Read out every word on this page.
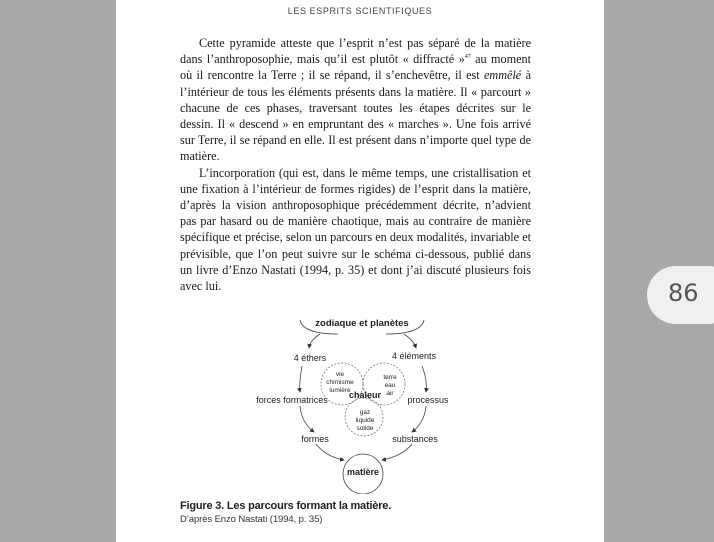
LES ESPRITS SCIENTIFIQUES

Cette pyramide atteste que l’esprit n’est pas séparé de la matière dans l’anthroposophie, mais qu’il est plutôt « diffracté »$^{47}$ au moment où il rencontre la Terre ; il se répand, il s’enchevêtre, il est emmêlé à l’intérieur de tous les éléments présents dans la matière. Il « parcourt » chacune de ces phases, traversant toutes les étapes décrites sur le dessin. Il « descend » en empruntant des « marches ». Une fois arrivé sur Terre, il se répand en elle. Il est présent dans n’importe quel type de matière.

L’incorporation (qui est, dans le même temps, une cristallisation et une fixation à l’intérieur de formes rigides) de l’esprit dans la matière, d’après la vision anthroposophique précédemment décrite, n’advient pas par hasard ou de manière chaotique, mais au contraire de manière spécifique et précise, selon un parcours en deux modalités, invariable et prévisible, que l’on peut suivre sur le schéma ci-dessous, publié dans un livre d’Enzo Nastati (1994, p. 35) et dont j’ai discuté plusieurs fois avec lui.

zodiaque et planètes
4 éthers	4 éléments
forces formatrices	processus
formes	substances
chaleur
vie
chimisme
lumière
terre
eau
air
gaz
liquide
solide
matière
Figure 3. Les parcours formant la matière.
D’après Enzo Nastati (1994, p. 35)
86
